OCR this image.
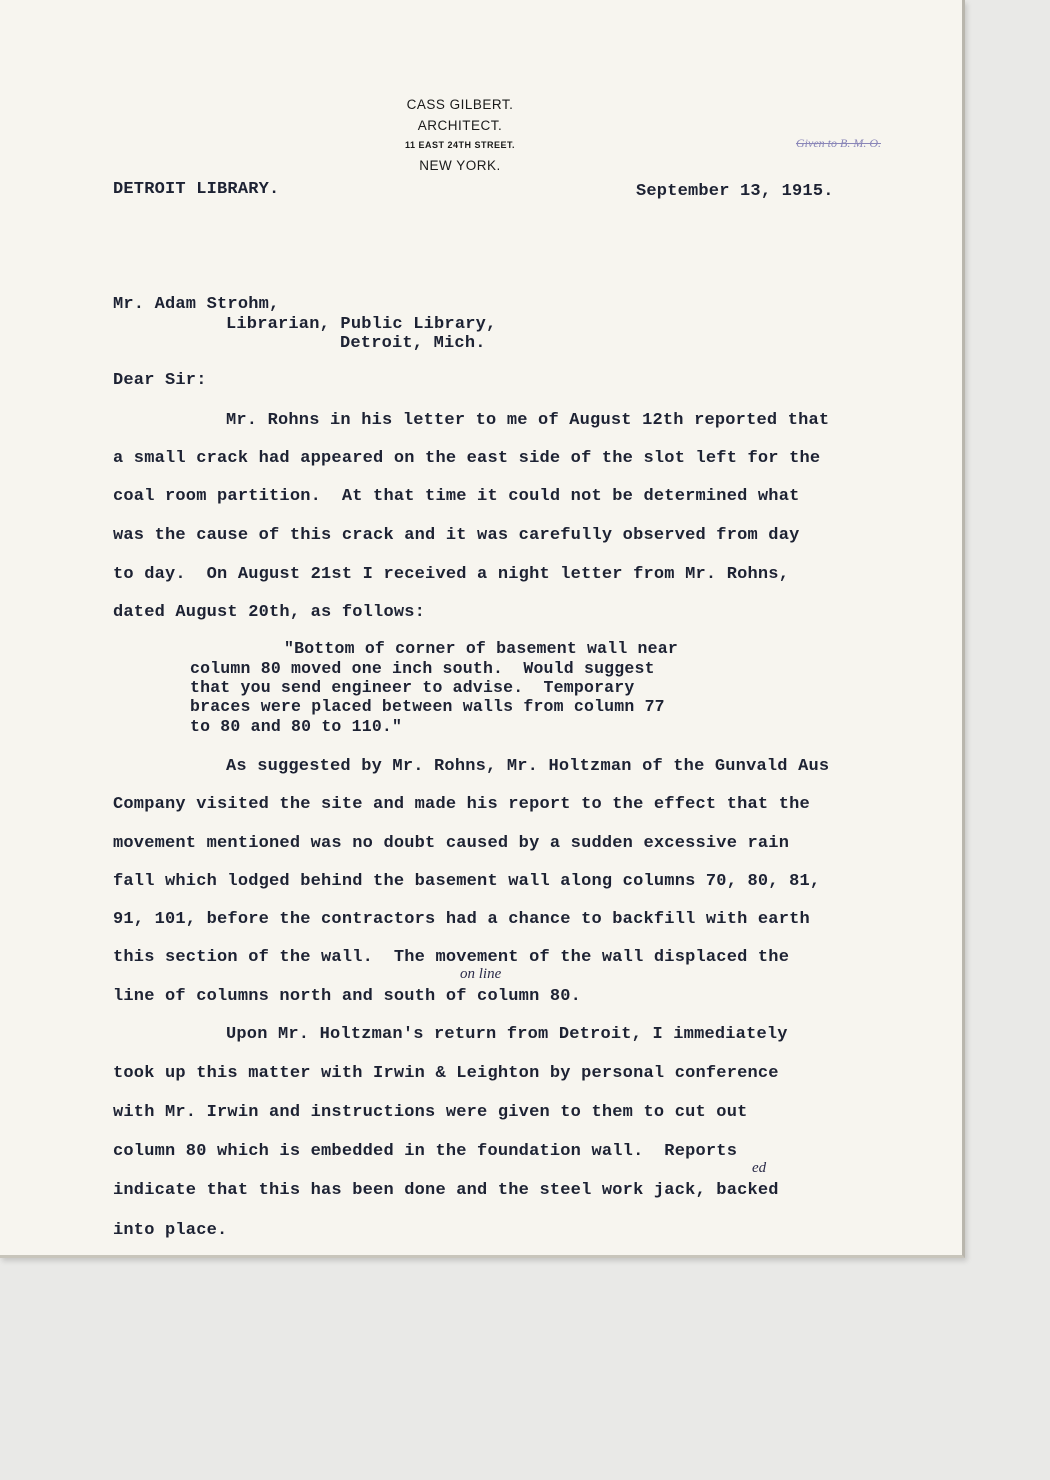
CASS GILBERT.
ARCHITECT.
11 EAST 24TH STREET.
NEW YORK.
Given to B. M. O.
DETROIT LIBRARY.	September 13, 1915.
Mr. Adam Strohm,
Librarian, Public Library,
Detroit, Mich.
Dear Sir:
Mr. Rohns in his letter to me of August 12th reported that
a small crack had appeared on the east side of the slot left for the
coal room partition.  At that time it could not be determined what
was the cause of this crack and it was carefully observed from day
to day.  On August 21st I received a night letter from Mr. Rohns,
dated August 20th, as follows:
"Bottom of corner of basement wall near
column 80 moved one inch south.  Would suggest
that you send engineer to advise.  Temporary
braces were placed between walls from column 77
to 80 and 80 to 110."
As suggested by Mr. Rohns, Mr. Holtzman of the Gunvald Aus
Company visited the site and made his report to the effect that the
movement mentioned was no doubt caused by a sudden excessive rain
fall which lodged behind the basement wall along columns 70, 80, 81,
91, 101, before the contractors had a chance to backfill with earth
this section of the wall.  The movement of the wall displaced the
on line
line of columns north and south of column 80.
Upon Mr. Holtzman's return from Detroit, I immediately
took up this matter with Irwin & Leighton by personal conference
with Mr. Irwin and instructions were given to them to cut out
column 80 which is embedded in the foundation wall.  Reports
ed
indicate that this has been done and the steel work jack, backed
into place.
